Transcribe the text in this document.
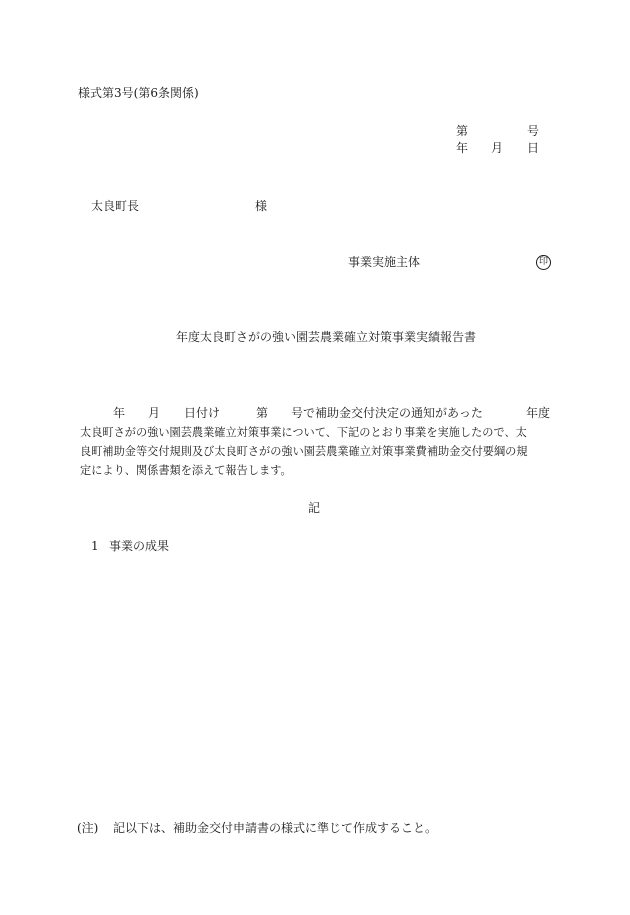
様式第3号(第6条関係)
第	号
年 月 日
太良町長	様
事業実施主体	印
年度太良町さがの強い園芸農業確立対策事業実績報告書
年 月 日付け	第 号で補助金交付決定の通知があった	年度
太良町さがの強い園芸農業確立対策事業について、下記のとおり事業を実施したので、太
良町補助金等交付規則及び太良町さがの強い園芸農業確立対策事業費補助金交付要綱の規
定により、関係書類を添えて報告します。
記
1 事業の成果
(注) 記以下は、補助金交付申請書の様式に準じて作成すること。
